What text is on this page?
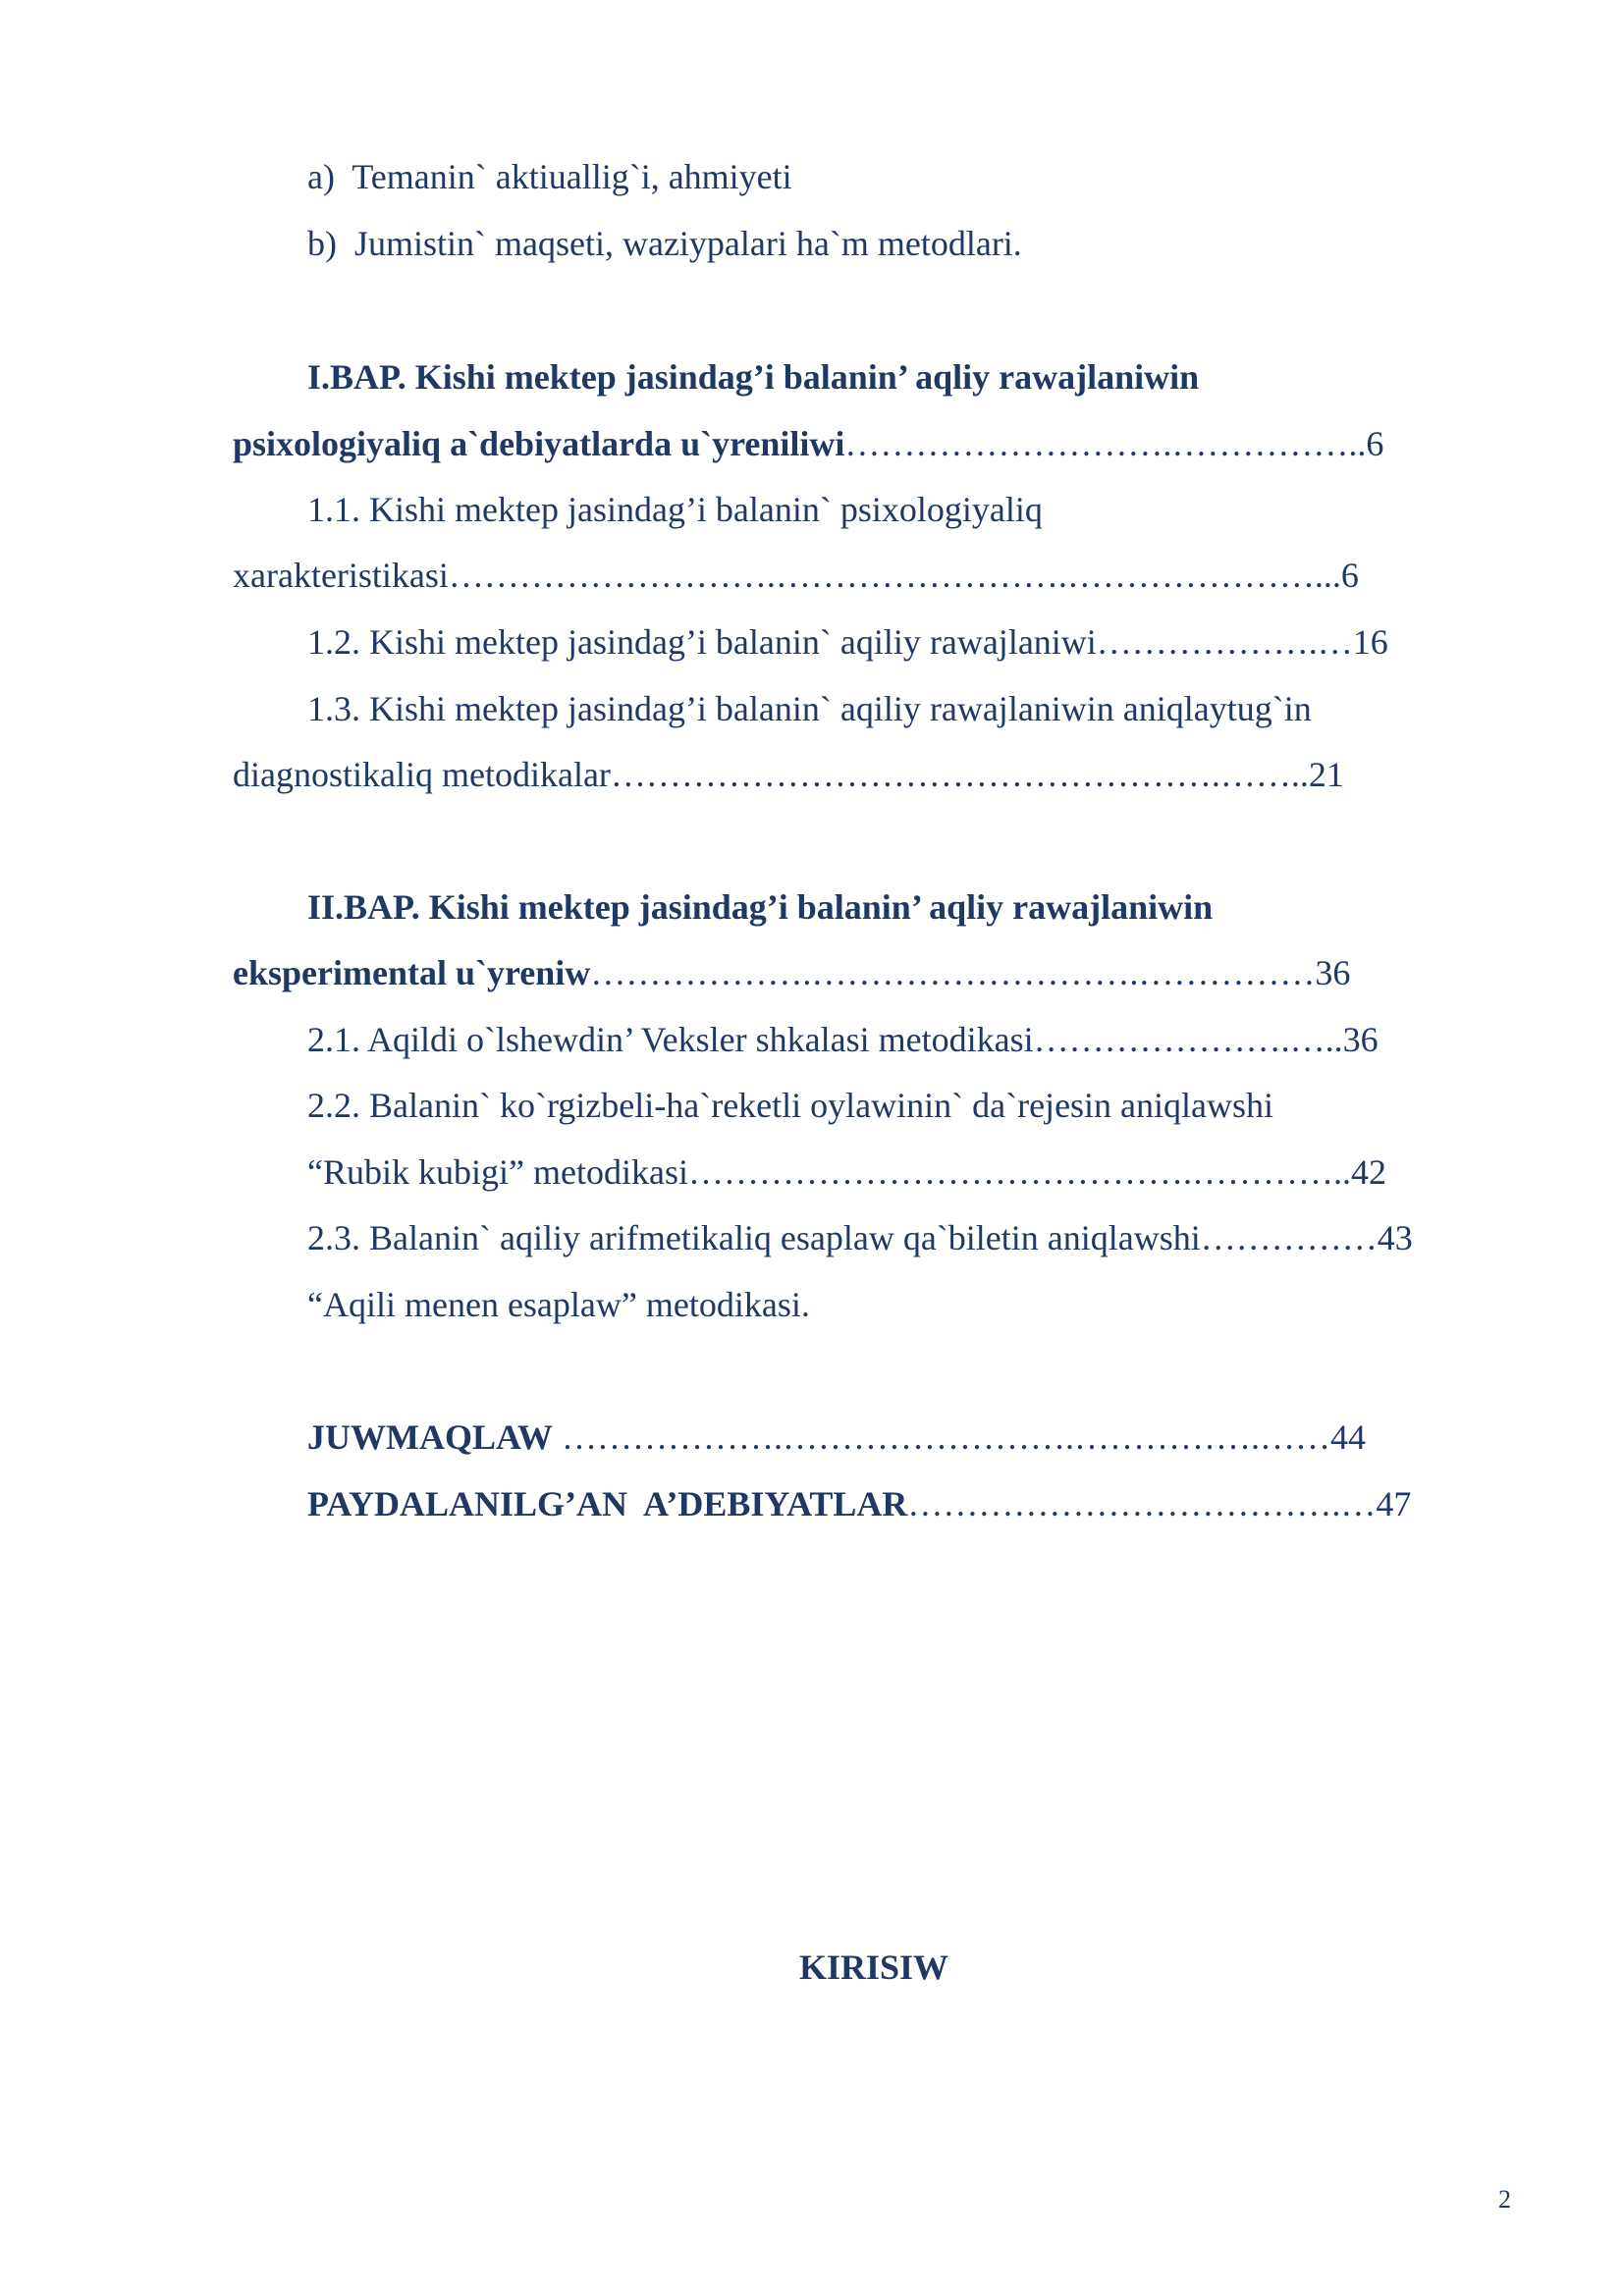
a)  Temanin` aktiuallig`i, ahmiyeti
b)  Jumistin` maqseti, waziypalari ha`m metodlari.
I.BAP. Kishi mektep jasindag’i balanin’ aqliy rawajlaniwin
psixologiyaliq a`debiyatlarda u`yreniliwi……………………….……………..6
1.1. Kishi mektep jasindag’i balanin` psixologiyaliq
xarakteristikasi……………………….…………………….…………………...6
1.2. Kishi mektep jasindag’i balanin` aqiliy rawajlaniwi……………….…16
1.3. Kishi mektep jasindag’i balanin` aqiliy rawajlaniwin aniqlaytug`in
diagnostikaliq metodikalar…………………………………………….……..21
II.BAP. Kishi mektep jasindag’i balanin’ aqliy rawajlaniwin
eksperimental u`yreniw……………….……………………….……………36
2.1. Aqildi o`lshewdin’ Veksler shkalasi metodikasi………………….…..36
2.2. Balanin` ko`rgizbeli-ha`reketli oylawinin` da`rejesin aniqlawshi
“Rubik kubigi” metodikasi…………………………………….…………..42
2.3. Balanin` aqiliy arifmetikaliq esaplaw qa`biletin aniqlawshi……………43
“Aqili menen esaplaw” metodikasi.
JUWMAQLAW ……………….…………………….…………….……44
PAYDALANILG’AN  A’DEBIYATLAR……………………………….…47
KIRISIW
2
